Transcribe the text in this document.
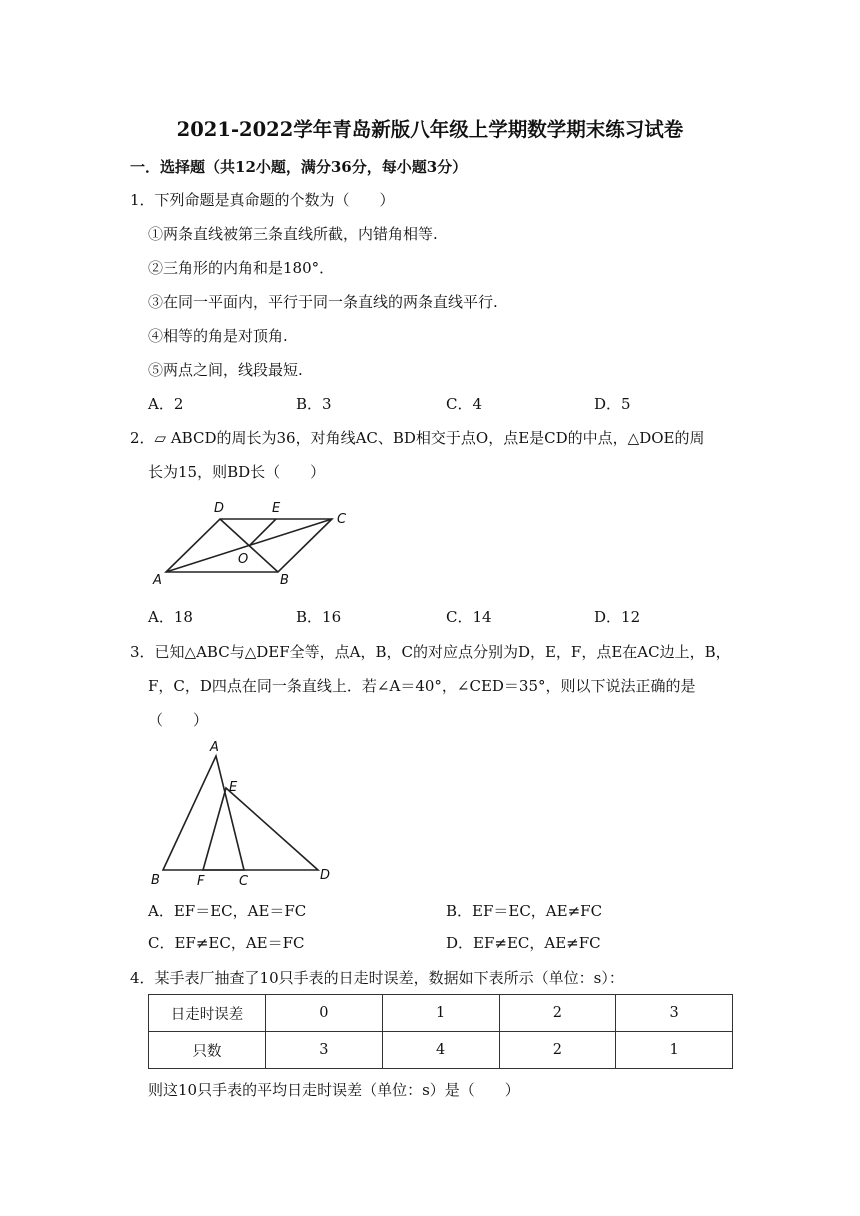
2021-2022学年青岛新版八年级上学期数学期末练习试卷
一．选择题（共12小题，满分36分，每小题3分）
1．下列命题是真命题的个数为（　　）
①两条直线被第三条直线所截，内错角相等.
②三角形的内角和是180°．
③在同一平面内，平行于同一条直线的两条直线平行.
④相等的角是对顶角.
⑤两点之间，线段最短.
A．2	B．3	C．4	D．5
2．▱ ABCD的周长为36，对角线AC、BD相交于点O，点E是CD的中点，△DOE的周
长为15，则BD长（　　）
A	B
C
D	E
O
A．18	B．16	C．14	D．12
3．已知△ABC与△DEF全等，点A，B，C的对应点分别为D，E，F，点E在AC边上，B，
F，C，D四点在同一条直线上．若∠A＝40°，∠CED＝35°，则以下说法正确的是
（　　）
A
E
B	F	C	D
A．EF＝EC，AE＝FC	B．EF＝EC，AE≠FC
C．EF≠EC，AE＝FC	D．EF≠EC，AE≠FC
4．某手表厂抽查了10只手表的日走时误差，数据如下表所示（单位：s）：
日走时误差	0	1	2	3
只数	3	4	2	1
则这10只手表的平均日走时误差（单位：s）是（　　）
